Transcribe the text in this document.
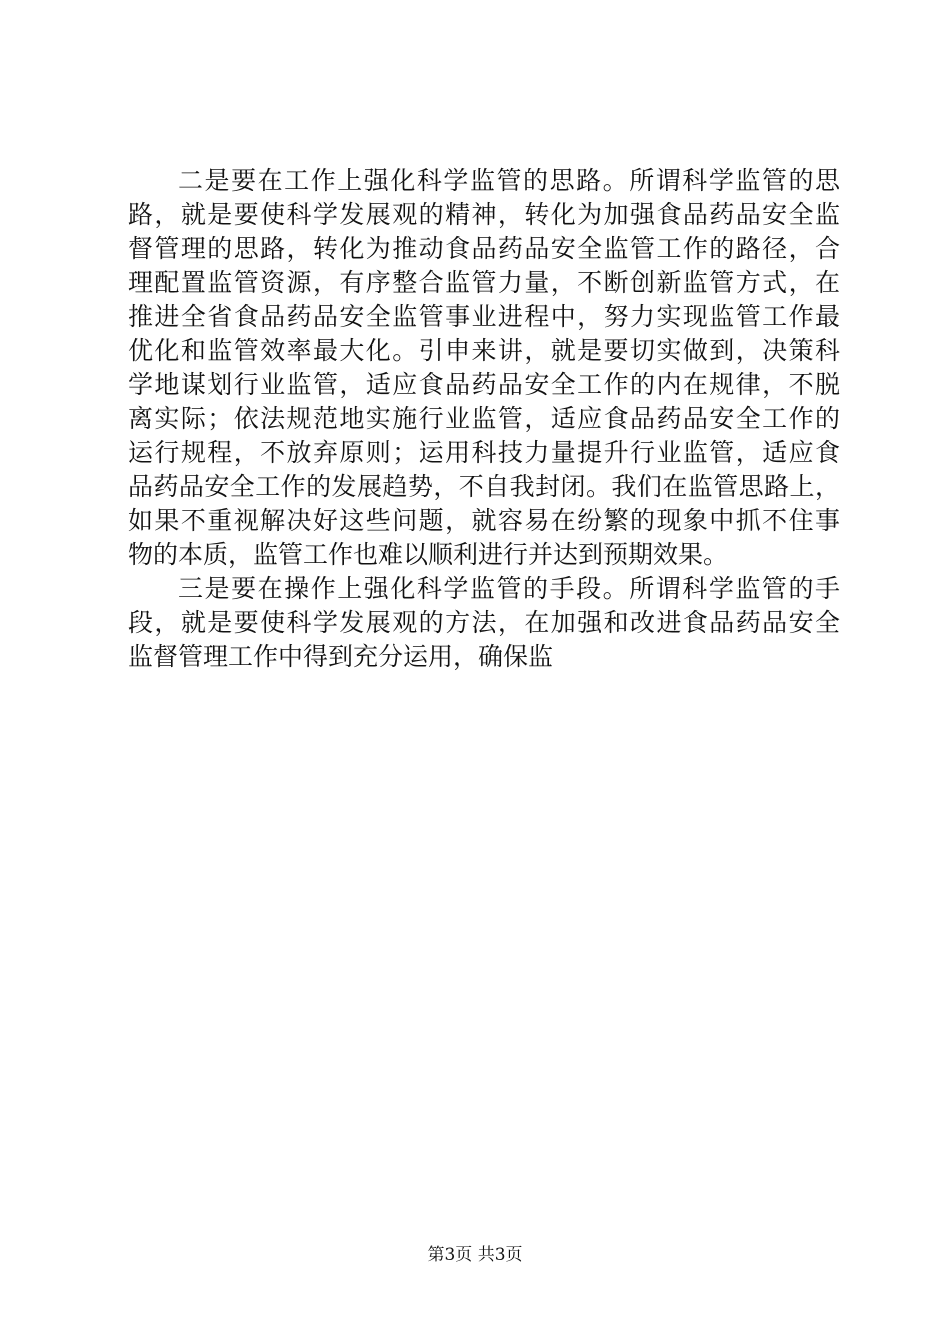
二是要在工作上强化科学监管的思路。所谓科学监管的思
路，就是要使科学发展观的精神，转化为加强食品药品安全监
督管理的思路，转化为推动食品药品安全监管工作的路径，合
理配置监管资源，有序整合监管力量，不断创新监管方式，在
推进全省食品药品安全监管事业进程中，努力实现监管工作最
优化和监管效率最大化。引申来讲，就是要切实做到，决策科
学地谋划行业监管，适应食品药品安全工作的内在规律，不脱
离实际；依法规范地实施行业监管，适应食品药品安全工作的
运行规程，不放弃原则；运用科技力量提升行业监管，适应食
品药品安全工作的发展趋势，不自我封闭。我们在监管思路上，
如果不重视解决好这些问题，就容易在纷繁的现象中抓不住事
物的本质，监管工作也难以顺利进行并达到预期效果。
三是要在操作上强化科学监管的手段。所谓科学监管的手
段，就是要使科学发展观的方法，在加强和改进食品药品安全
监督管理工作中得到充分运用，确保监
第3页 共3页
